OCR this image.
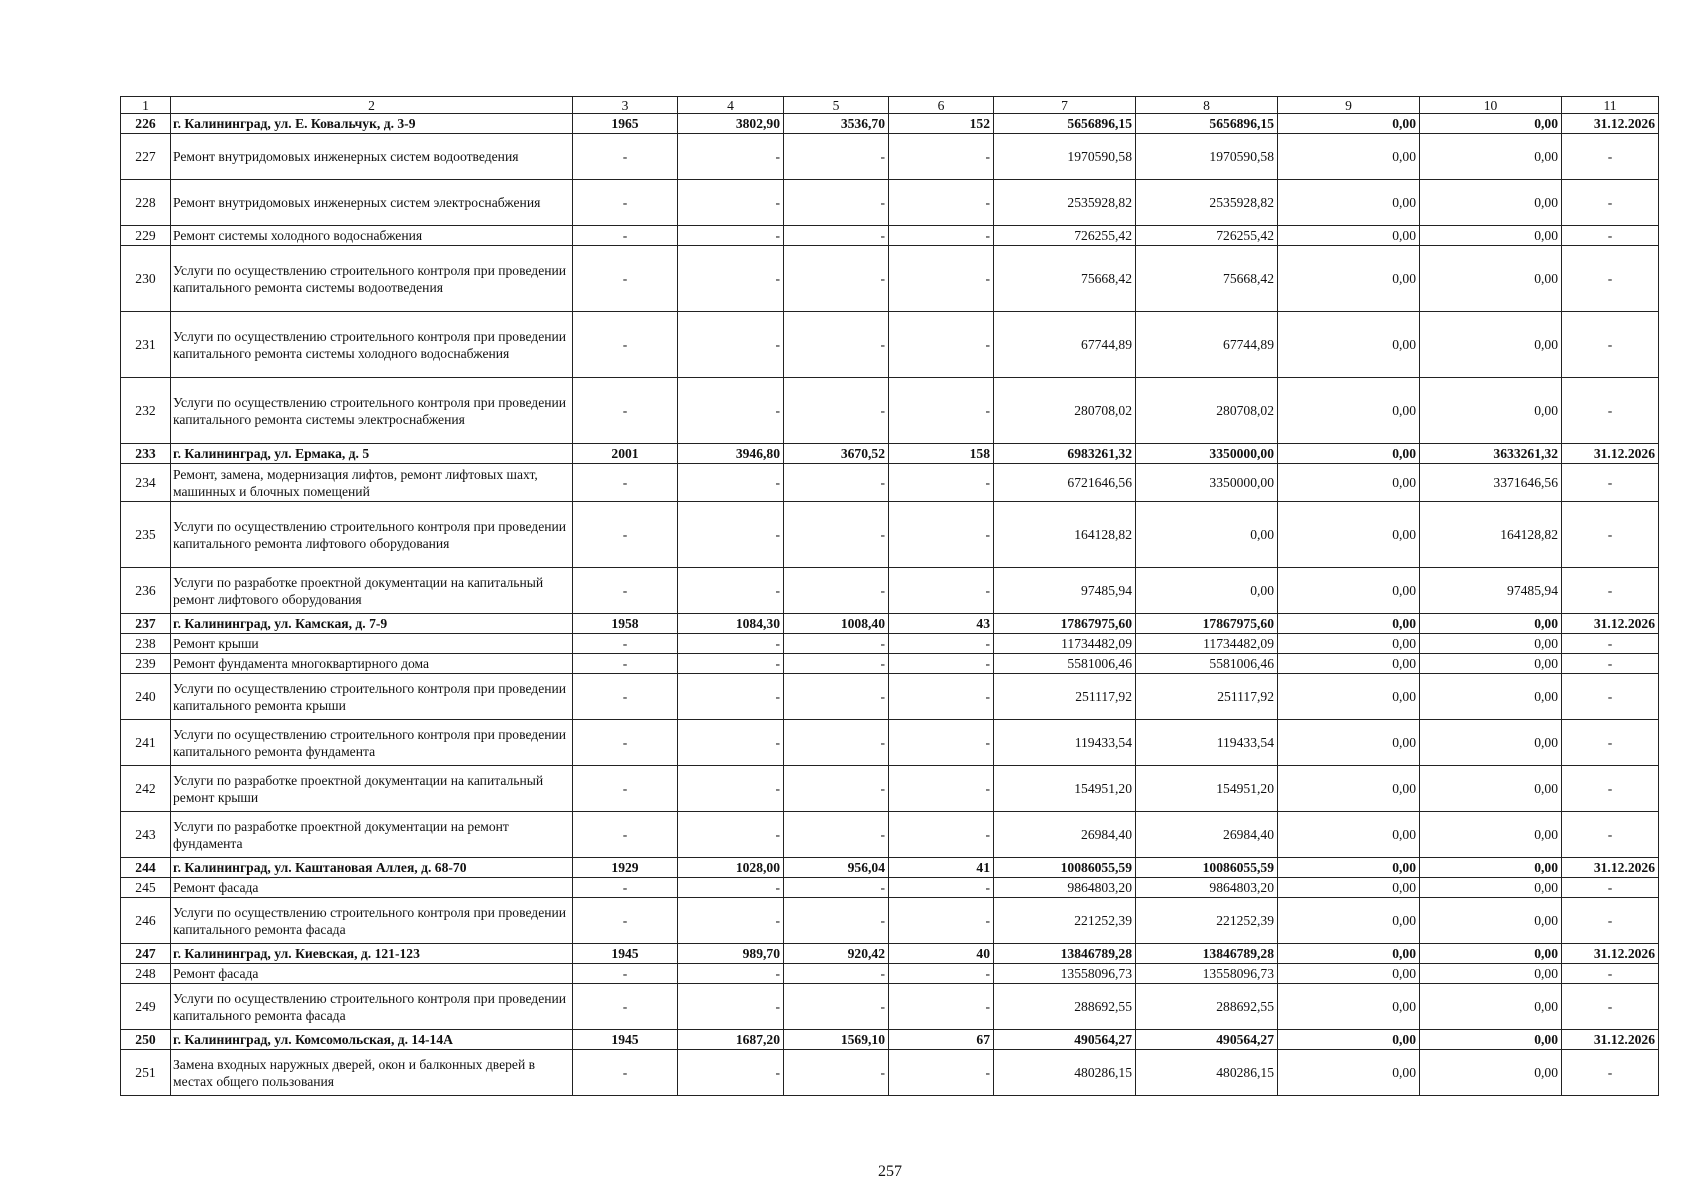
1	2	3	4	5	6	7	8	9	10	11
226	г. Калининград, ул. Е. Ковальчук, д. 3-9	1965	3802,90	3536,70	152	5656896,15	5656896,15	0,00	0,00	31.12.2026
227	Ремонт внутридомовых инженерных систем водоотведения	-	-	-	-	1970590,58	1970590,58	0,00	0,00	-
228	Ремонт внутридомовых инженерных систем электроснабжения	-	-	-	-	2535928,82	2535928,82	0,00	0,00	-
229	Ремонт системы холодного водоснабжения	-	-	-	-	726255,42	726255,42	0,00	0,00	-
230	Услуги по осуществлению строительного контроля при проведении капитального ремонта системы водоотведения	-	-	-	-	75668,42	75668,42	0,00	0,00	-
231	Услуги по осуществлению строительного контроля при проведении капитального ремонта системы холодного водоснабжения	-	-	-	-	67744,89	67744,89	0,00	0,00	-
232	Услуги по осуществлению строительного контроля при проведении капитального ремонта системы электроснабжения	-	-	-	-	280708,02	280708,02	0,00	0,00	-
233	г. Калининград, ул. Ермака, д. 5	2001	3946,80	3670,52	158	6983261,32	3350000,00	0,00	3633261,32	31.12.2026
234	Ремонт, замена, модернизация лифтов, ремонт лифтовых шахт, машинных и блочных помещений	-	-	-	-	6721646,56	3350000,00	0,00	3371646,56	-
235	Услуги по осуществлению строительного контроля при проведении капитального ремонта лифтового оборудования	-	-	-	-	164128,82	0,00	0,00	164128,82	-
236	Услуги по разработке проектной документации на капитальный ремонт лифтового оборудования	-	-	-	-	97485,94	0,00	0,00	97485,94	-
237	г. Калининград, ул. Камская, д. 7-9	1958	1084,30	1008,40	43	17867975,60	17867975,60	0,00	0,00	31.12.2026
238	Ремонт крыши	-	-	-	-	11734482,09	11734482,09	0,00	0,00	-
239	Ремонт фундамента многоквартирного дома	-	-	-	-	5581006,46	5581006,46	0,00	0,00	-
240	Услуги по осуществлению строительного контроля при проведении капитального ремонта крыши	-	-	-	-	251117,92	251117,92	0,00	0,00	-
241	Услуги по осуществлению строительного контроля при проведении капитального ремонта фундамента	-	-	-	-	119433,54	119433,54	0,00	0,00	-
242	Услуги по разработке проектной документации на капитальный ремонт крыши	-	-	-	-	154951,20	154951,20	0,00	0,00	-
243	Услуги по разработке проектной документации на ремонт фундамента	-	-	-	-	26984,40	26984,40	0,00	0,00	-
244	г. Калининград, ул. Каштановая Аллея, д. 68-70	1929	1028,00	956,04	41	10086055,59	10086055,59	0,00	0,00	31.12.2026
245	Ремонт фасада	-	-	-	-	9864803,20	9864803,20	0,00	0,00	-
246	Услуги по осуществлению строительного контроля при проведении капитального ремонта фасада	-	-	-	-	221252,39	221252,39	0,00	0,00	-
247	г. Калининград, ул. Киевская, д. 121-123	1945	989,70	920,42	40	13846789,28	13846789,28	0,00	0,00	31.12.2026
248	Ремонт фасада	-	-	-	-	13558096,73	13558096,73	0,00	0,00	-
249	Услуги по осуществлению строительного контроля при проведении капитального ремонта фасада	-	-	-	-	288692,55	288692,55	0,00	0,00	-
250	г. Калининград, ул. Комсомольская, д. 14-14А	1945	1687,20	1569,10	67	490564,27	490564,27	0,00	0,00	31.12.2026
251	Замена входных наружных дверей, окон и балконных дверей в местах общего пользования	-	-	-	-	480286,15	480286,15	0,00	0,00	-
257
